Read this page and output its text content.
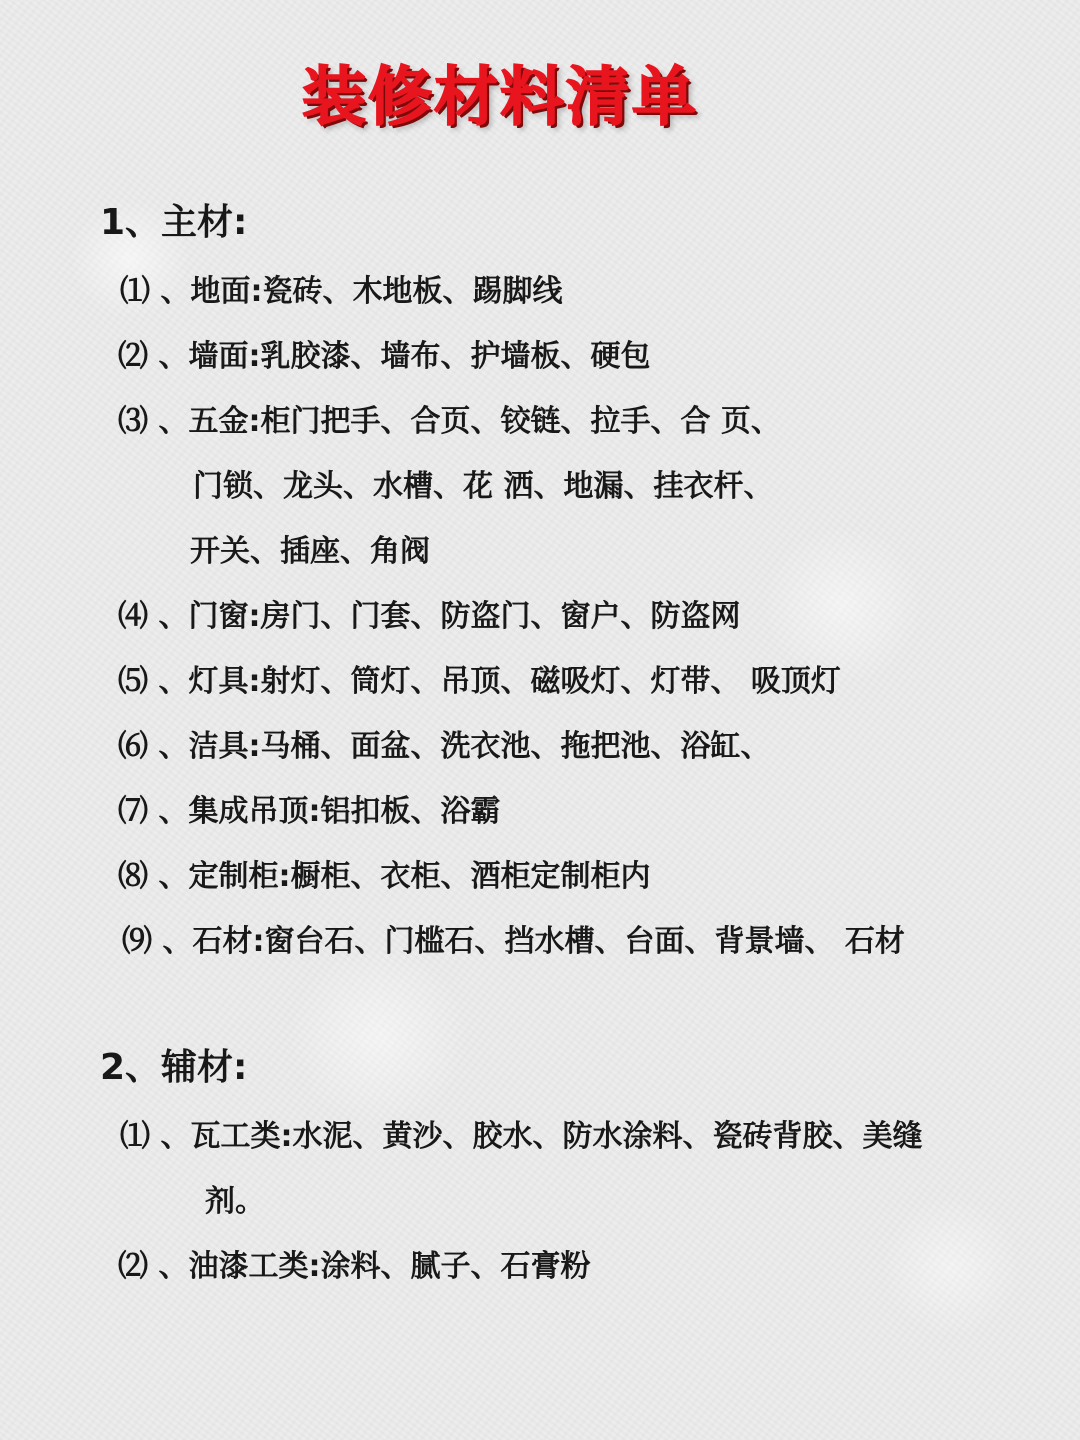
装修材料清单
1、主材:
⑴ 、地面:瓷砖、木地板、踢脚线
⑵ 、墙面:乳胶漆、墙布、护墙板、硬包
⑶ 、五金:柜门把手、合页、铰链、拉手、合 页、
门锁、龙头、水槽、花 洒、地漏、挂衣杆、
开关、插座、角阀
⑷ 、门窗:房门、门套、防盗门、窗户、防盗网
⑸ 、灯具:射灯、筒灯、吊顶、磁吸灯、灯带、 吸顶灯
⑹ 、洁具:马桶、面盆、洗衣池、拖把池、浴缸、
⑺ 、集成吊顶:铝扣板、浴霸
⑻ 、定制柜:橱柜、衣柜、酒柜定制柜内
⑼ 、石材:窗台石、门槛石、挡水槽、台面、背景墙、 石材
2、辅材:
⑴ 、瓦工类:水泥、黄沙、胶水、防水涂料、瓷砖背胶、美缝
剂。
⑵ 、油漆工类:涂料、腻子、石膏粉
